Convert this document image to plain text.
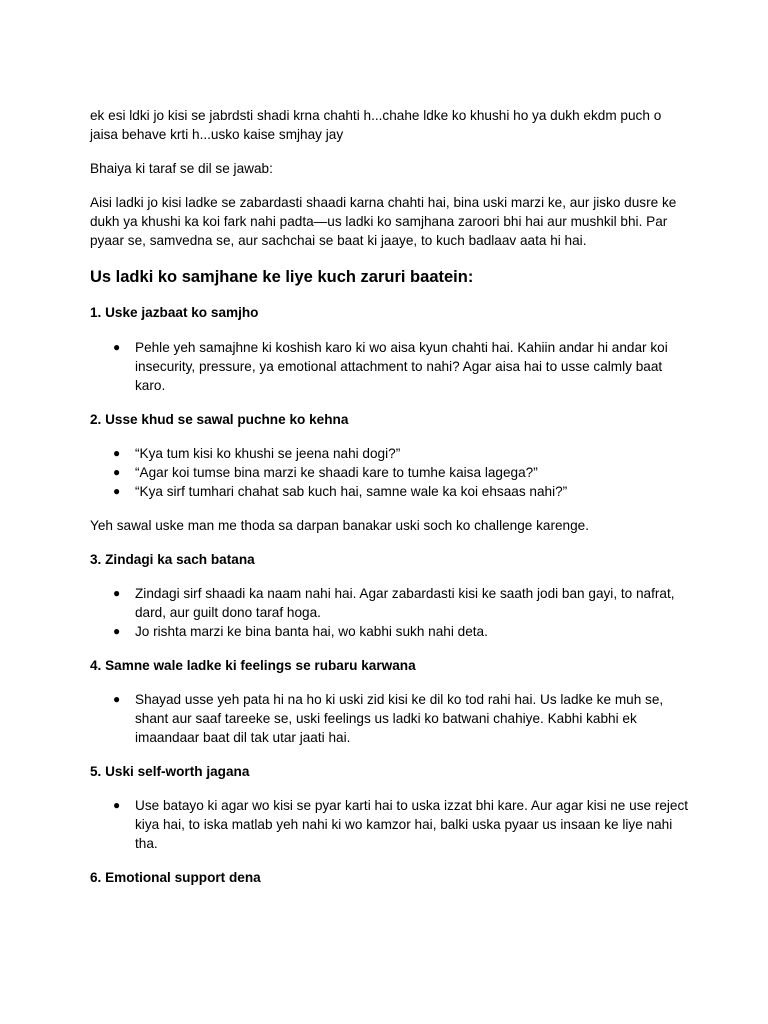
ek esi ldki jo kisi se jabrdsti shadi krna chahti h...chahe ldke ko khushi ho ya dukh ekdm puch o jaisa behave krti h...usko kaise smjhay jay

Bhaiya ki taraf se dil se jawab:

Aisi ladki jo kisi ladke se zabardasti shaadi karna chahti hai, bina uski marzi ke, aur jisko dusre ke dukh ya khushi ka koi fark nahi padta—us ladki ko samjhana zaroori bhi hai aur mushkil bhi. Par pyaar se, samvedna se, aur sachchai se baat ki jaaye, to kuch badlaav aata hi hai.

Us ladki ko samjhane ke liye kuch zaruri baatein:
1. Uske jazbaat ko samjho
● Pehle yeh samajhne ki koshish karo ki wo aisa kyun chahti hai. Kahiin andar hi andar koi insecurity, pressure, ya emotional attachment to nahi? Agar aisa hai to usse calmly baat karo.
2. Usse khud se sawal puchne ko kehna
● “Kya tum kisi ko khushi se jeena nahi dogi?”
● “Agar koi tumse bina marzi ke shaadi kare to tumhe kaisa lagega?”
● “Kya sirf tumhari chahat sab kuch hai, samne wale ka koi ehsaas nahi?”

Yeh sawal uske man me thoda sa darpan banakar uski soch ko challenge karenge.

3. Zindagi ka sach batana
● Zindagi sirf shaadi ka naam nahi hai. Agar zabardasti kisi ke saath jodi ban gayi, to nafrat, dard, aur guilt dono taraf hoga.
● Jo rishta marzi ke bina banta hai, wo kabhi sukh nahi deta.
4. Samne wale ladke ki feelings se rubaru karwana
● Shayad usse yeh pata hi na ho ki uski zid kisi ke dil ko tod rahi hai. Us ladke ke muh se, shant aur saaf tareeke se, uski feelings us ladki ko batwani chahiye. Kabhi kabhi ek imaandaar baat dil tak utar jaati hai.
5. Uski self-worth jagana
● Use batayo ki agar wo kisi se pyar karti hai to uska izzat bhi kare. Aur agar kisi ne use reject kiya hai, to iska matlab yeh nahi ki wo kamzor hai, balki uska pyaar us insaan ke liye nahi tha.
6. Emotional support dena
